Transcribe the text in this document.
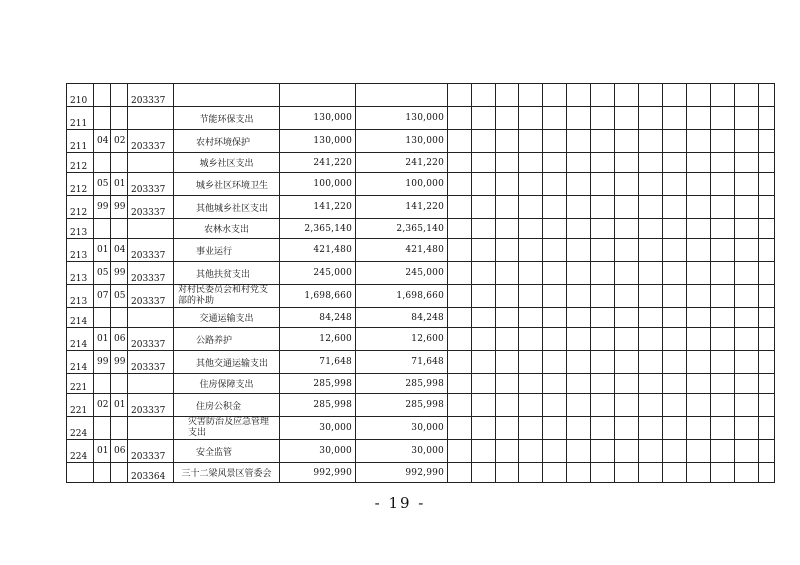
210			203337																	
211				节能环保支出	130,000	130,000														
211	04	02	203337	农村环境保护	130,000	130,000														
212				城乡社区支出	241,220	241,220														
212	05	01	203337	城乡社区环境卫生	100,000	100,000														
212	99	99	203337	其他城乡社区支出	141,220	141,220														
213				农林水支出	2,365,140	2,365,140														
213	01	04	203337	事业运行	421,480	421,480														
213	05	99	203337	其他扶贫支出	245,000	245,000														
213	07	05	203337	对村民委员会和村党支部的补助	1,698,660	1,698,660														
214				交通运输支出	84,248	84,248														
214	01	06	203337	公路养护	12,600	12,600														
214	99	99	203337	其他交通运输支出	71,648	71,648														
221				住房保障支出	285,998	285,998														
221	02	01	203337	住房公积金	285,998	285,998														
224				灾害防治及应急管理支出	30,000	30,000														
224	01	06	203337	安全监管	30,000	30,000														
			203364	三十二梁风景区管委会	992,990	992,990														
- 19 -
